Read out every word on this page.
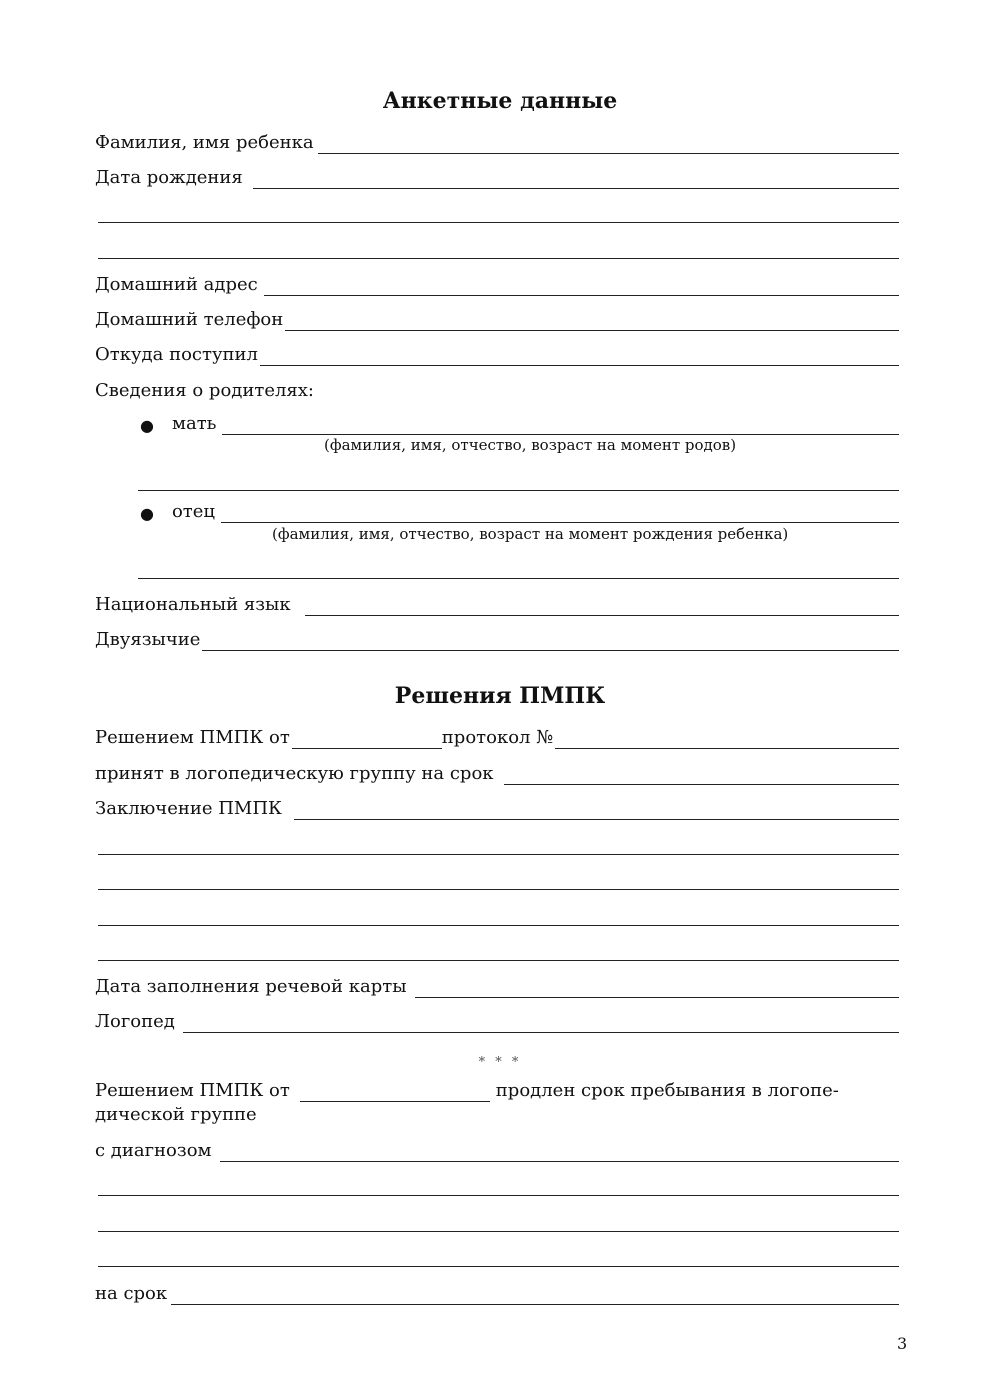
Анкетные данные
Фамилия, имя ребенка
Дата рождения
Домашний адрес
Домашний телефон
Откуда поступил
Сведения о родителях:
● мать
(фамилия, имя, отчество, возраст на момент родов)
● отец
(фамилия, имя, отчество, возраст на момент рождения ребенка)
Национальный язык
Двуязычие
Решения ПМПК
Решением ПМПК от	протокол №
принят в логопедическую группу на срок
Заключение ПМПК
Дата заполнения речевой карты
Логопед
* * *
Решением ПМПК от	продлен срок пребывания в логопе-
дической группе
с диагнозом
на срок
3
